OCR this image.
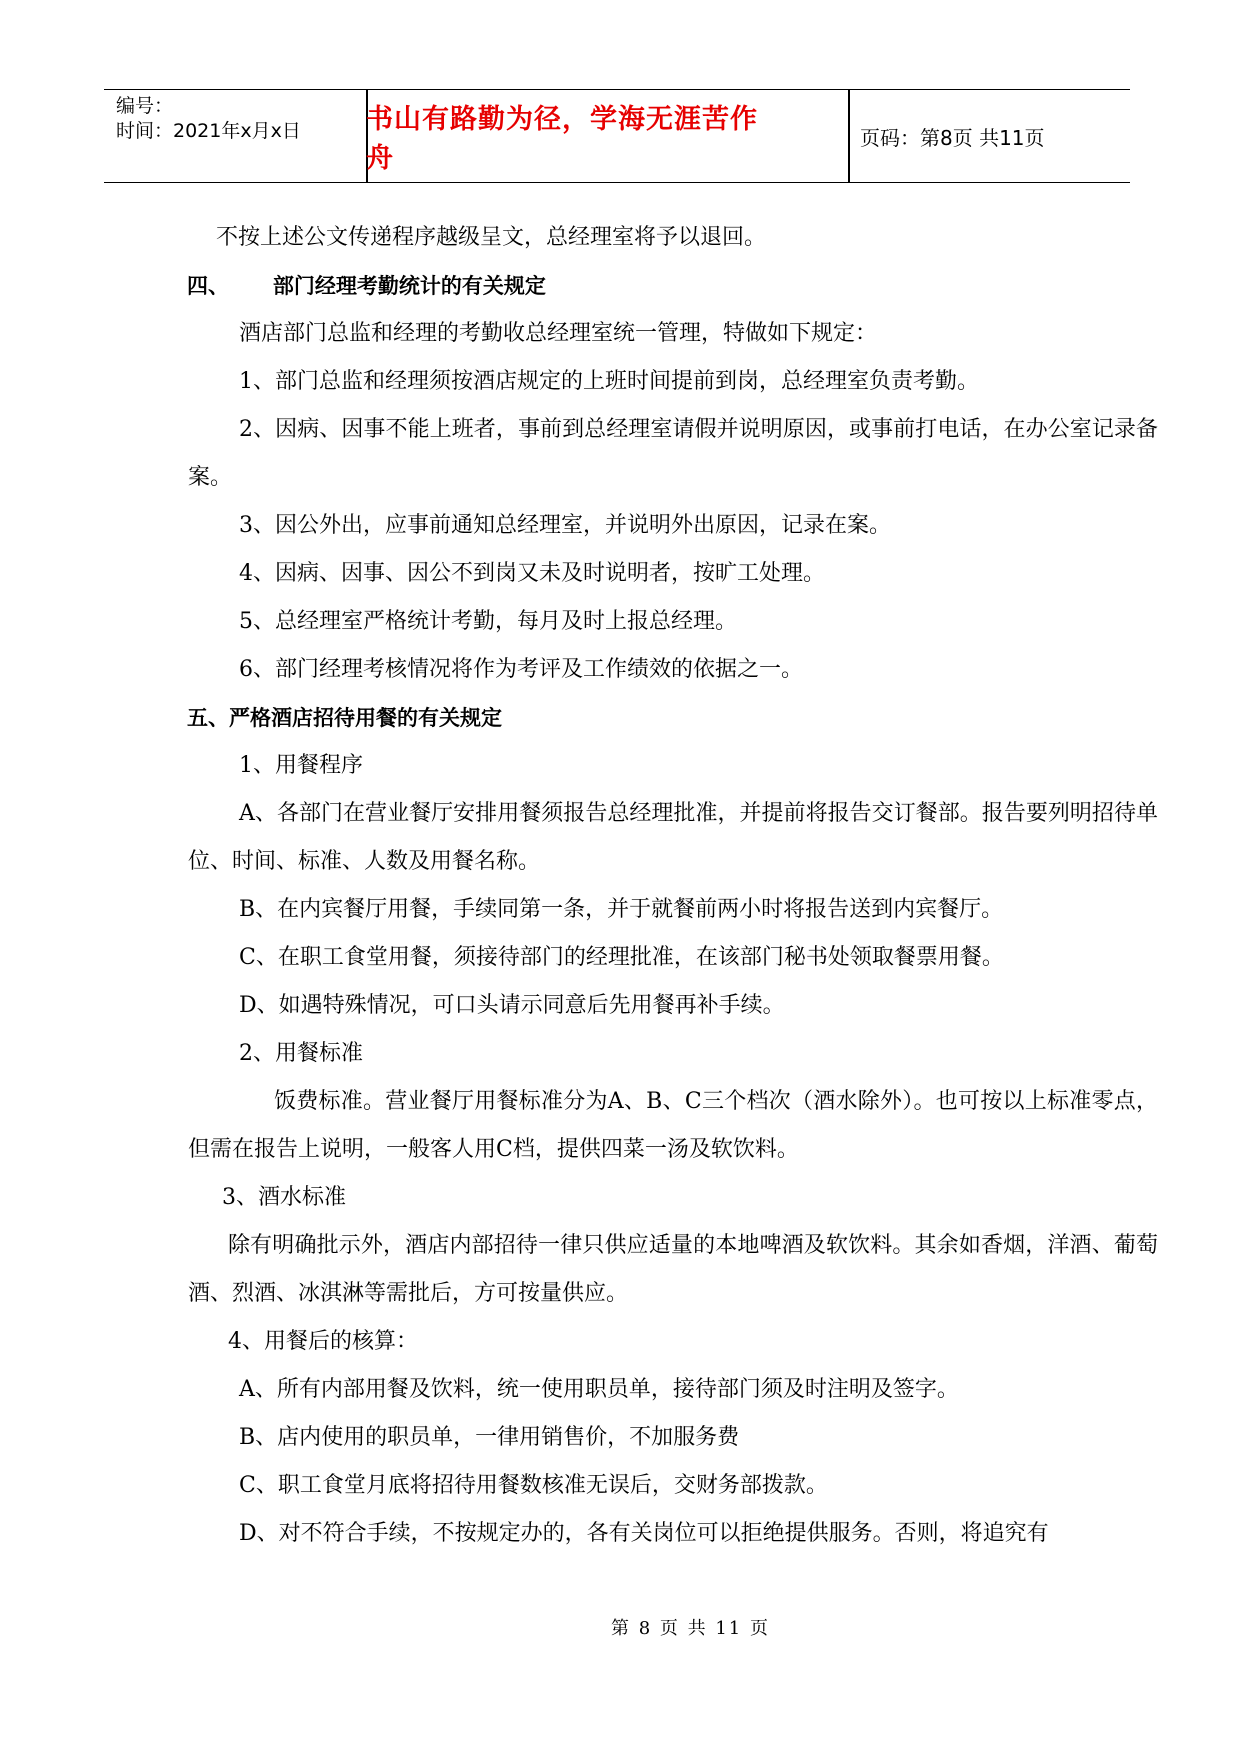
编号：
时间：2021年x月x日	书山有路勤为径，学海无涯苦作舟
页码：第8页 共11页
不按上述公文传递程序越级呈文，总经理室将予以退回。
四、      部门经理考勤统计的有关规定
酒店部门总监和经理的考勤收总经理室统一管理，特做如下规定：
1、部门总监和经理须按酒店规定的上班时间提前到岗，总经理室负责考勤。
2、因病、因事不能上班者，事前到总经理室请假并说明原因，或事前打电话，在办公室记录备案。
3、因公外出，应事前通知总经理室，并说明外出原因，记录在案。
4、因病、因事、因公不到岗又未及时说明者，按旷工处理。
5、总经理室严格统计考勤，每月及时上报总经理。
6、部门经理考核情况将作为考评及工作绩效的依据之一。
五、严格酒店招待用餐的有关规定
1、用餐程序
A、各部门在营业餐厅安排用餐须报告总经理批准，并提前将报告交订餐部。报告要列明招待单位、时间、标准、人数及用餐名称。
B、在内宾餐厅用餐，手续同第一条，并于就餐前两小时将报告送到内宾餐厅。
C、在职工食堂用餐，须接待部门的经理批准，在该部门秘书处领取餐票用餐。
D、如遇特殊情况，可口头请示同意后先用餐再补手续。
2、用餐标准
饭费标准。营业餐厅用餐标准分为A、B、C三个档次（酒水除外）。也可按以上标准零点，但需在报告上说明，一般客人用C档，提供四菜一汤及软饮料。
3、酒水标准
除有明确批示外，酒店内部招待一律只供应适量的本地啤酒及软饮料。其余如香烟，洋酒、葡萄酒、烈酒、冰淇淋等需批后，方可按量供应。
4、用餐后的核算：
A、所有内部用餐及饮料，统一使用职员单，接待部门须及时注明及签字。
B、店内使用的职员单，一律用销售价，不加服务费
C、职工食堂月底将招待用餐数核准无误后，交财务部拨款。
D、对不符合手续，不按规定办的，各有关岗位可以拒绝提供服务。否则，将追究有
第 8 页 共 11 页
